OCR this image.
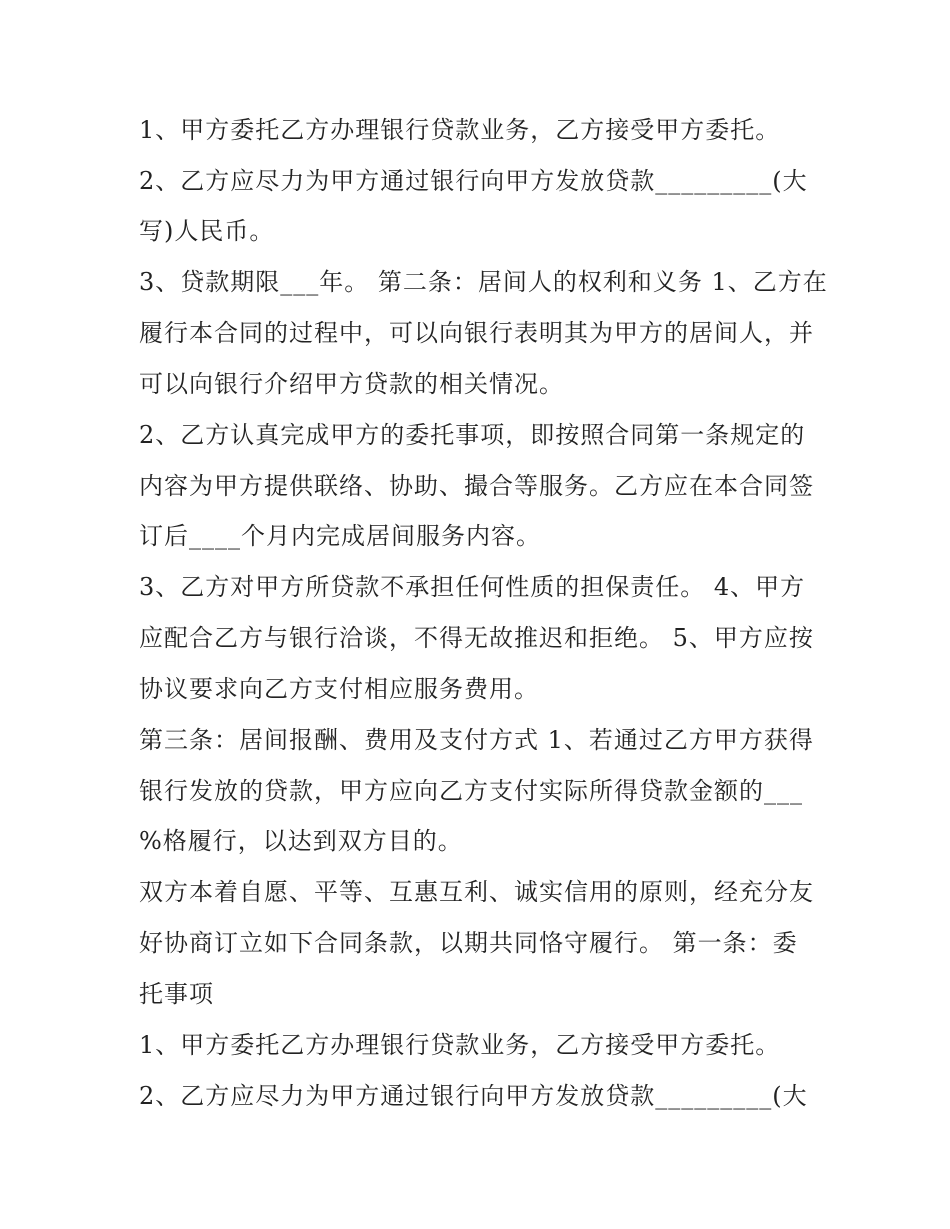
1、甲方委托乙方办理银行贷款业务，乙方接受甲方委托。
2、乙方应尽力为甲方通过银行向甲方发放贷款_________(大
写)人民币。
3、贷款期限___年。 第二条：居间人的权利和义务 1、乙方在
履行本合同的过程中，可以向银行表明其为甲方的居间人，并
可以向银行介绍甲方贷款的相关情况。
2、乙方认真完成甲方的委托事项，即按照合同第一条规定的
内容为甲方提供联络、协助、撮合等服务。乙方应在本合同签
订后____个月内完成居间服务内容。
3、乙方对甲方所贷款不承担任何性质的担保责任。 4、甲方
应配合乙方与银行洽谈，不得无故推迟和拒绝。 5、甲方应按
协议要求向乙方支付相应服务费用。
第三条：居间报酬、费用及支付方式 1、若通过乙方甲方获得
银行发放的贷款，甲方应向乙方支付实际所得贷款金额的___
%格履行，以达到双方目的。
双方本着自愿、平等、互惠互利、诚实信用的原则，经充分友
好协商订立如下合同条款，以期共同恪守履行。 第一条：委
托事项
1、甲方委托乙方办理银行贷款业务，乙方接受甲方委托。
2、乙方应尽力为甲方通过银行向甲方发放贷款_________(大
